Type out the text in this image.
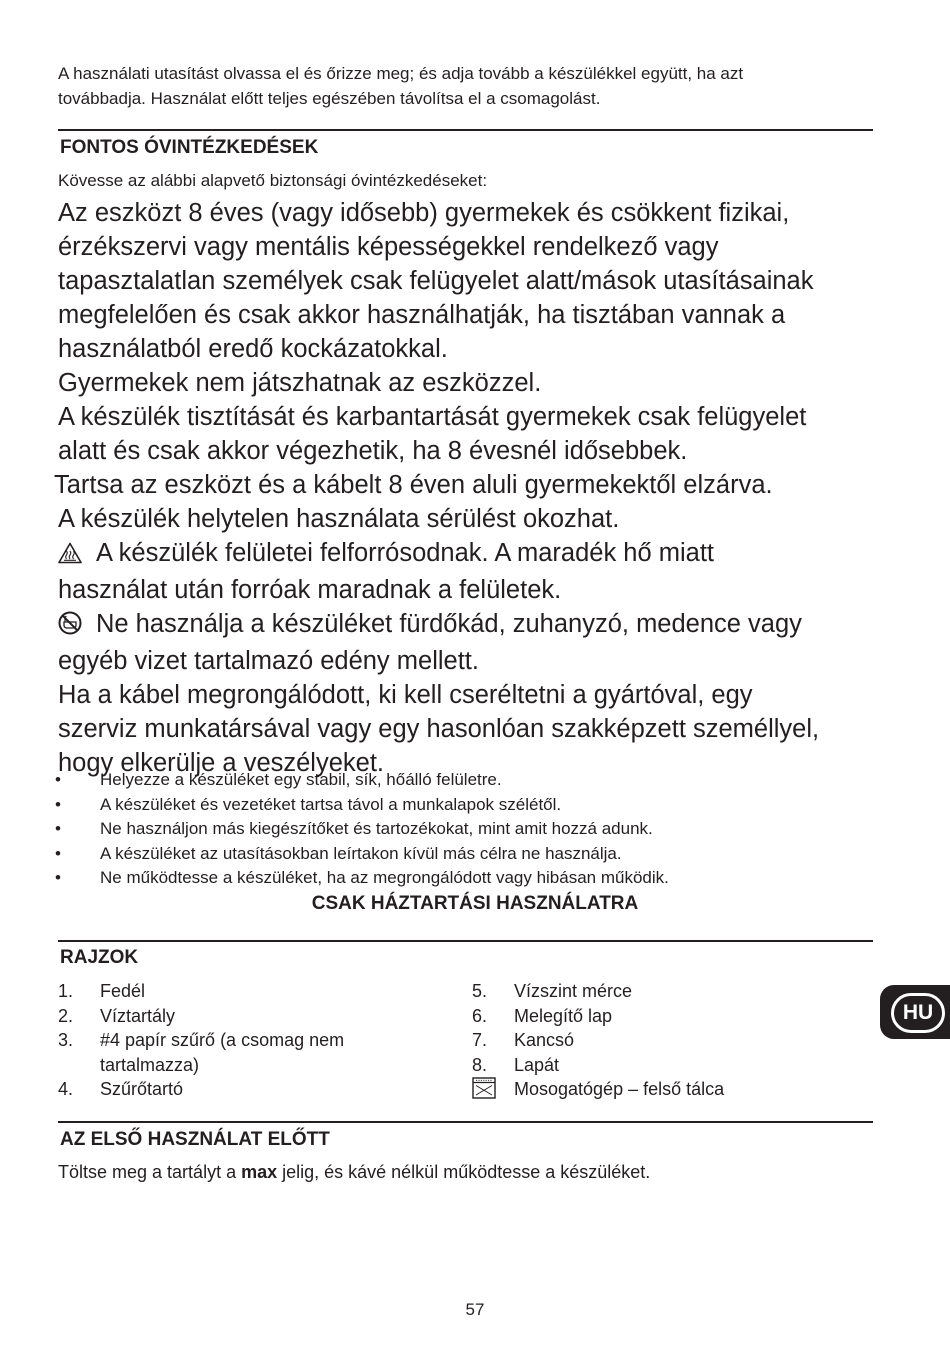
A használati utasítást olvassa el és őrizze meg; és adja tovább a készülékkel együtt, ha azt
továbbadja. Használat előtt teljes egészében távolítsa el a csomagolást.
FONTOS ÓVINTÉZKEDÉSEK
Kövesse az alábbi alapvető biztonsági óvintézkedéseket:
Az eszközt 8 éves (vagy idősebb) gyermekek és csökkent fizikai,
érzékszervi vagy mentális képességekkel rendelkező vagy
tapasztalatlan személyek csak felügyelet alatt/mások utasításainak
megfelelően és csak akkor használhatják, ha tisztában vannak a
használatból eredő kockázatokkal.
Gyermekek nem játszhatnak az eszközzel.
A készülék tisztítását és karbantartását gyermekek csak felügyelet
alatt és csak akkor végezhetik, ha 8 évesnél idősebbek.
Tartsa az eszközt és a kábelt 8 éven aluli gyermekektől elzárva.
A készülék helytelen használata sérülést okozhat.
A készülék felületei felforrósodnak. A maradék hő miatt
használat után forróak maradnak a felületek.
Ne használja a készüléket fürdőkád, zuhanyzó, medence vagy
egyéb vizet tartalmazó edény mellett.
Ha a kábel megrongálódott, ki kell cseréltetni a gyártóval, egy
szerviz munkatársával vagy egy hasonlóan szakképzett személlyel,
hogy elkerülje a veszélyeket.
• Helyezze a készüléket egy stabil, sík, hőálló felületre.
• A készüléket és vezetéket tartsa távol a munkalapok szélétől.
• Ne használjon más kiegészítőket és tartozékokat, mint amit hozzá adunk.
• A készüléket az utasításokban leírtakon kívül más célra ne használja.
• Ne működtesse a készüléket, ha az megrongálódott vagy hibásan működik.
CSAK HÁZTARTÁSI HASZNÁLATRA
RAJZOK
1. Fedél
2. Víztartály
3. #4 papír szűrő (a csomag nem
tartalmazza)
4. Szűrőtartó
5. Vízszint mérce
6. Melegítő lap
7. Kancsó
8. Lapát
Mosogatógép – felső tálca
HU
AZ ELSŐ HASZNÁLAT ELŐTT
Töltse meg a tartályt a max jelig, és kávé nélkül működtesse a készüléket.
57
